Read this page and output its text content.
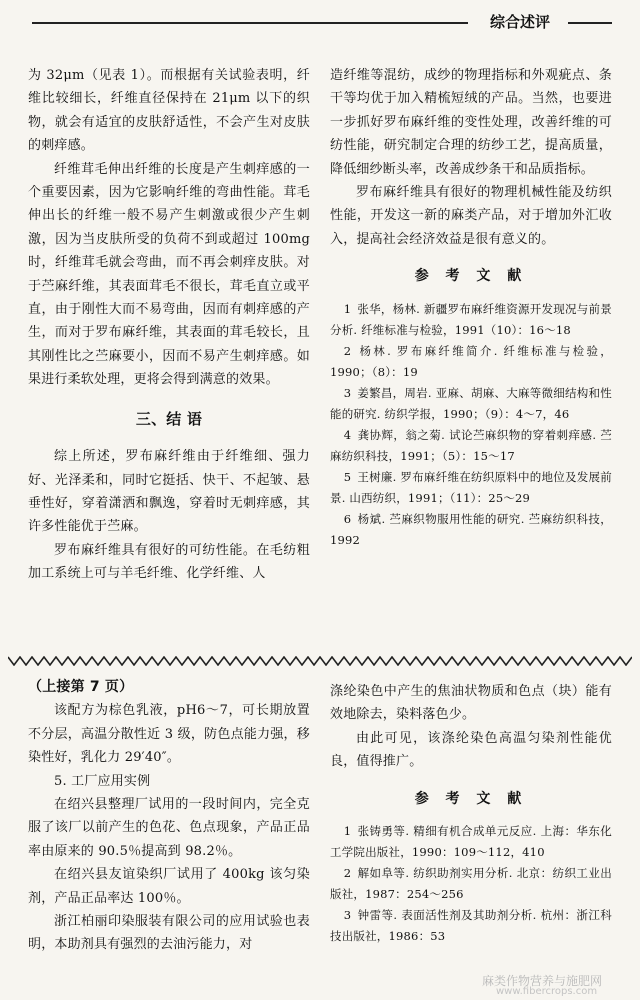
综合述评

为 32μm（见表 1）。而根据有关试验表明，纤维比较细长，纤维直径保持在 21μm 以下的织物，就会有适宜的皮肤舒适性，不会产生对皮肤的刺痒感。

纤维茸毛伸出纤维的长度是产生刺痒感的一个重要因素，因为它影响纤维的弯曲性能。茸毛伸出长的纤维一般不易产生刺激或很少产生刺激，因为当皮肤所受的负荷不到或超过 100mg 时，纤维茸毛就会弯曲，而不再会刺痒皮肤。对于苎麻纤维，其表面茸毛不很长，茸毛直立或平直，由于刚性大而不易弯曲，因而有刺痒感的产生，而对于罗布麻纤维，其表面的茸毛较长，且其刚性比之苎麻要小，因而不易产生刺痒感。如果进行柔软处理，更将会得到满意的效果。

三、结 语

综上所述，罗布麻纤维由于纤维细、强力好、光泽柔和，同时它挺括、快干、不起皱、悬垂性好，穿着潇洒和飘逸，穿着时无刺痒感，其许多性能优于苎麻。

罗布麻纤维具有很好的可纺性能。在毛纺粗加工系统上可与羊毛纤维、化学纤维、人

造纤维等混纺，成纱的物理指标和外观疵点、条干等均优于加入精梳短绒的产品。当然，也要进一步抓好罗布麻纤维的变性处理，改善纤维的可纺性能，研究制定合理的纺纱工艺，提高质量，降低细纱断头率，改善成纱条干和品质指标。

罗布麻纤维具有很好的物理机械性能及纺织性能，开发这一新的麻类产品，对于增加外汇收入，提高社会经济效益是很有意义的。

参 考 文 献

1 张华，杨林. 新疆罗布麻纤维资源开发现况与前景分析. 纤维标准与检验，1991（10）：16～18

2 杨林. 罗布麻纤维简介. 纤维标准与检验，1990；（8）：19

3 姜繁昌，周岩. 亚麻、胡麻、大麻等微细结构和性能的研究. 纺织学报，1990；（9）：4～7，46

4 龚协辉，翁之菊. 试论苎麻织物的穿着刺痒感. 苎麻纺织科技，1991；（5）：15～17

5 王树廉. 罗布麻纤维在纺织原料中的地位及发展前景. 山西纺织，1991；（11）：25～29

6 杨斌. 苎麻织物服用性能的研究. 苎麻纺织科技，1992

（上接第 7 页）

该配方为棕色乳液，pH6～7，可长期放置不分层，高温分散性近 3 级，防色点能力强，移染性好，乳化力 29′40″。

5. 工厂应用实例

在绍兴县整理厂试用的一段时间内，完全克服了该厂以前产生的色花、色点现象，产品正品率由原来的 90.5％提高到 98.2％。

在绍兴县友谊染织厂试用了 400kg 该匀染剂，产品正品率达 100％。

浙江柏丽印染服装有限公司的应用试验也表明，本助剂具有强烈的去油污能力，对

涤纶染色中产生的焦油状物质和色点（块）能有效地除去，染料落色少。

由此可见，该涤纶染色高温匀染剂性能优良，值得推广。

参 考 文 献

1 张铸勇等. 精细有机合成单元反应. 上海：华东化工学院出版社，1990：109～112，410

2 解如阜等. 纺织助剂实用分析. 北京：纺织工业出版社，1987：254～256

3 钟雷等. 表面活性剂及其助剂分析. 杭州：浙江科技出版社，1986：53

麻类作物营养与施肥网
www.fibercrops.com
